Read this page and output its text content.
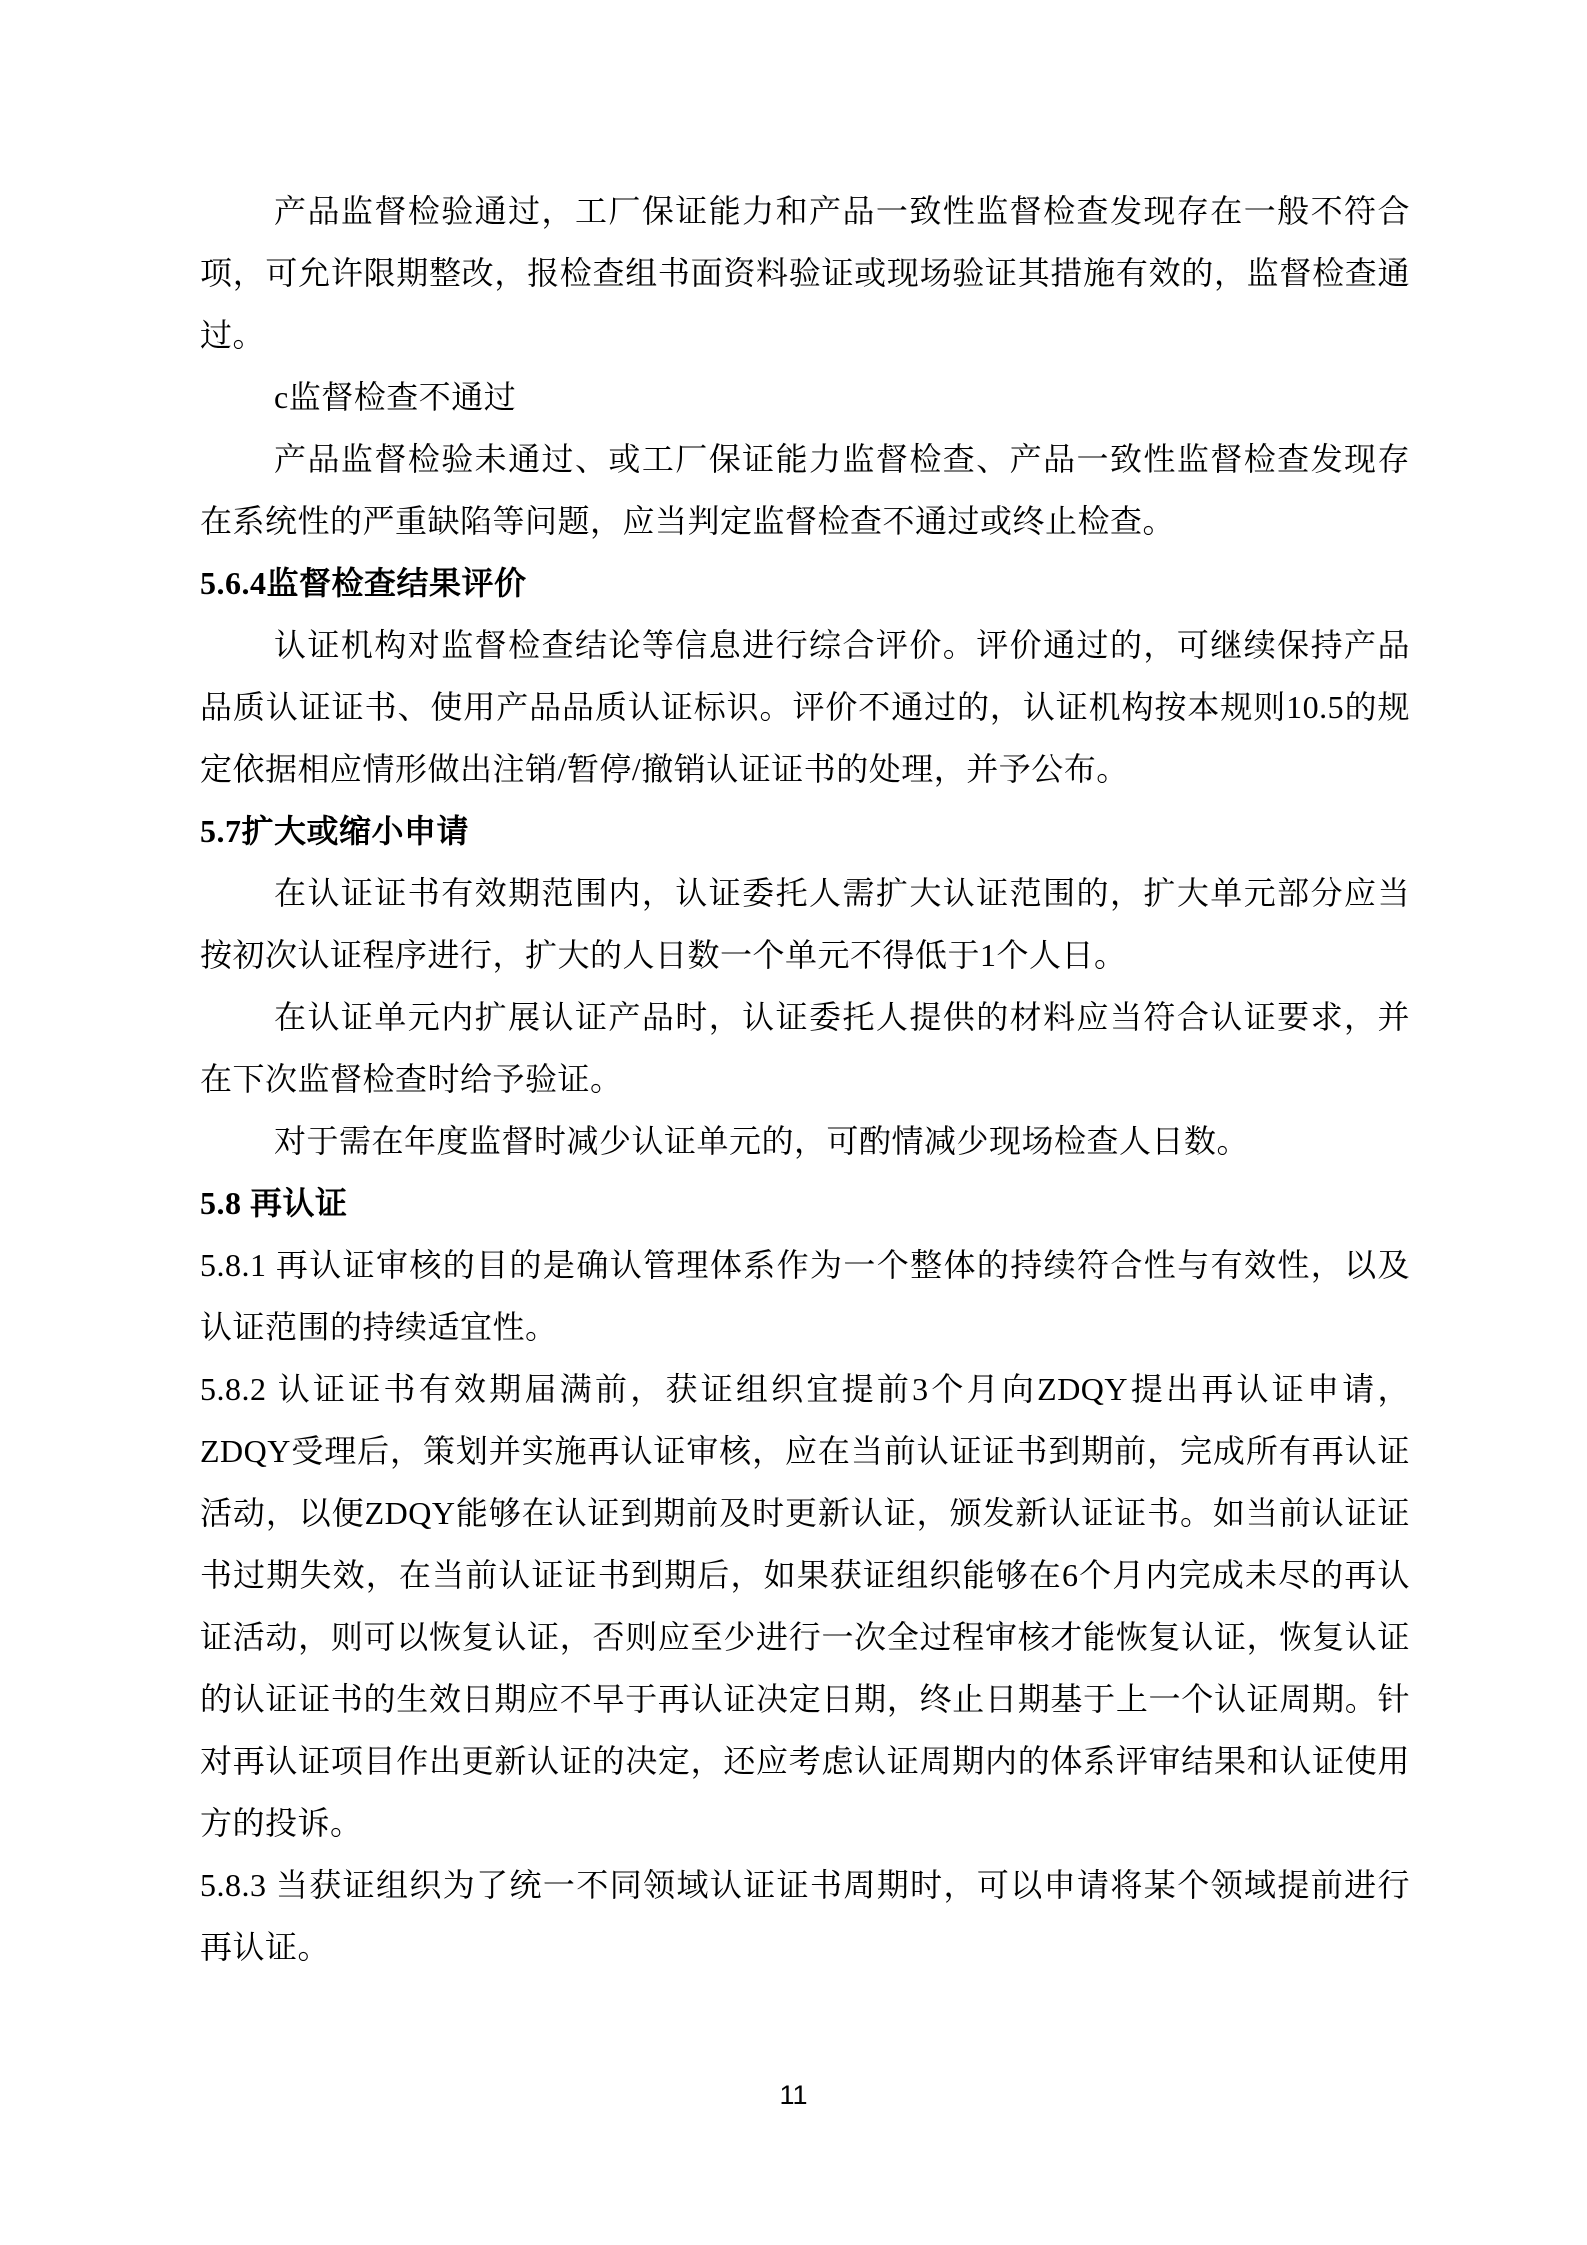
产品监督检验通过，工厂保证能力和产品一致性监督检查发现存在一般不符合项，可允许限期整改，报检查组书面资料验证或现场验证其措施有效的，监督检查通过。

c监督检查不通过

产品监督检验未通过、或工厂保证能力监督检查、产品一致性监督检查发现存在系统性的严重缺陷等问题，应当判定监督检查不通过或终止检查。

5.6.4监督检查结果评价

认证机构对监督检查结论等信息进行综合评价。评价通过的，可继续保持产品品质认证证书、使用产品品质认证标识。评价不通过的，认证机构按本规则10.5的规定依据相应情形做出注销/暂停/撤销认证证书的处理，并予公布。

5.7扩大或缩小申请

在认证证书有效期范围内，认证委托人需扩大认证范围的，扩大单元部分应当按初次认证程序进行，扩大的人日数一个单元不得低于1个人日。

在认证单元内扩展认证产品时，认证委托人提供的材料应当符合认证要求，并在下次监督检查时给予验证。

对于需在年度监督时减少认证单元的，可酌情减少现场检查人日数。

5.8 再认证

5.8.1 再认证审核的目的是确认管理体系作为一个整体的持续符合性与有效性，以及认证范围的持续适宜性。

5.8.2 认证证书有效期届满前，获证组织宜提前3个月向ZDQY提出再认证申请，ZDQY受理后，策划并实施再认证审核，应在当前认证证书到期前，完成所有再认证活动，以便ZDQY能够在认证到期前及时更新认证，颁发新认证证书。如当前认证证书过期失效，在当前认证证书到期后，如果获证组织能够在6个月内完成未尽的再认证活动，则可以恢复认证，否则应至少进行一次全过程审核才能恢复认证，恢复认证的认证证书的生效日期应不早于再认证决定日期，终止日期基于上一个认证周期。针对再认证项目作出更新认证的决定，还应考虑认证周期内的体系评审结果和认证使用方的投诉。

5.8.3 当获证组织为了统一不同领域认证证书周期时，可以申请将某个领域提前进行再认证。

11
